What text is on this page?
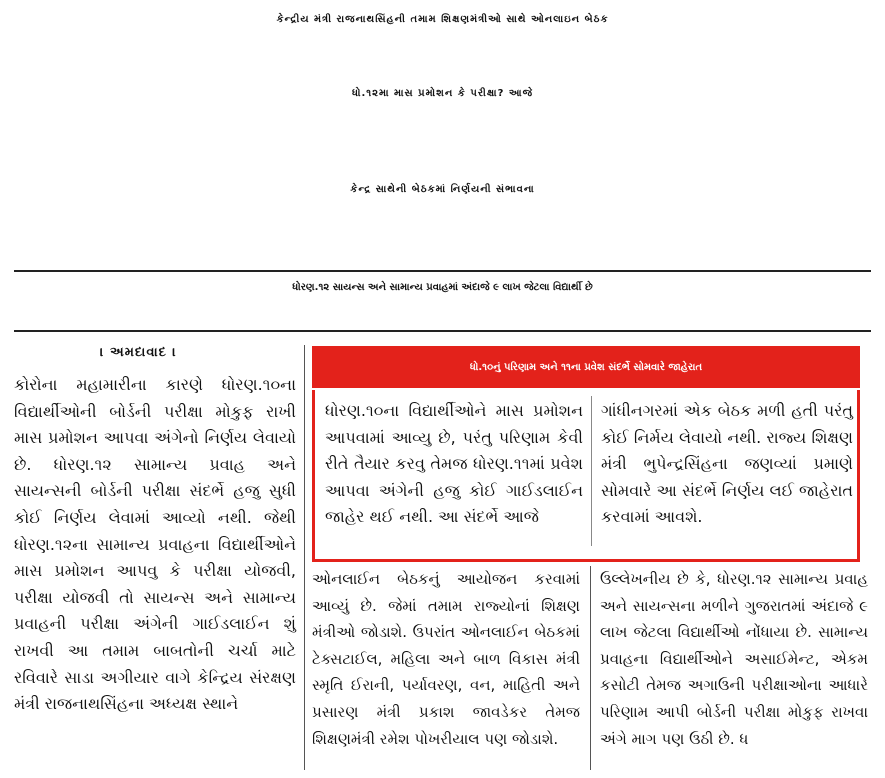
કેન્દ્રીય મંત્રી રાજનાથસિંહની તમામ શિક્ષણમંત્રીઓ સાથે ઓનલાઇન બેઠક
ધો.૧૨મા માસ પ્રમોશન કે પરીક્ષા? આજે
કેન્દ્ર સાથેની બેઠકમાં નિર્ણયની સંભાવના
ધોરણ.૧૨ સાયન્સ અને સામાન્ય પ્રવાહમાં અંદાજે ૯ લાખ જેટલા વિદ્યાર્થી છે
। અમદાવાદ ।

કોરોના મહામારીના કારણે ધોરણ.૧૦ના વિદ્યાર્થીઓની બોર્ડની પરીક્ષા મોકુફ રાખી માસ પ્રમોશન આપવા અંગેનો નિર્ણય લેવાયો છે. ધોરણ.૧૨ સામાન્ય પ્રવાહ અને સાયન્સની બોર્ડની પરીક્ષા સંદર્ભે હજુ સુધી કોઈ નિર્ણય લેવામાં આવ્યો નથી. જેથી ધોરણ.૧૨ના સામાન્ય પ્રવાહના વિદ્યાર્થીઓને માસ પ્રમોશન આપવુ કે પરીક્ષા યોજવી, પરીક્ષા યોજવી તો સાયન્સ અને સામાન્ય પ્રવાહની પરીક્ષા અંગેની ગાઈડલાઈન શું રાખવી આ તમામ બાબતોની ચર્ચા માટે રવિવારે સાડા અગીયાર વાગે કેન્દ્રિય સંરક્ષણ મંત્રી રાજનાથસિંહના અધ્યક્ષ સ્થાને

ધો.૧૦નું પરિણામ અને ૧૧ના પ્રવેશ સંદર્ભે સોમવારે જાહેરાત

ધોરણ.૧૦ના વિદ્યાર્થીઓને માસ પ્રમોશન આપવામાં આવ્યુ છે, પરંતુ પરિણામ કેવી રીતે તૈયાર કરવુ તેમજ ધોરણ.૧૧માં પ્રવેશ આપવા અંગેની હજુ કોઈ ગાઈડલાઈન જાહેર થઈ નથી. આ સંદર્ભે આજે

ગાંધીનગરમાં એક બેઠક મળી હતી પરંતુ કોઈ નિર્મય લેવાયો નથી. રાજ્ય શિક્ષણ મંત્રી ભુપેન્દ્રસિંહના જણવ્યાં પ્રમાણે સોમવારે આ સંદર્ભે નિર્ણય લઈ જાહેરાત કરવામાં આવશે.

ઓનલાઈન બેઠકનું આયોજન કરવામાં આવ્યું છે. જેમાં તમામ રાજ્યોનાં શિક્ષણ મંત્રીઓ જોડાશે. ઉપરાંત ઓનલાઈન બેઠકમાં ટેક્સટાઈલ, મહિલા અને બાળ વિકાસ મંત્રી સ્મૃતિ ઈરાની, પર્યાવરણ, વન, માહિતી અને પ્રસારણ મંત્રી પ્રકાશ જાવડેકર તેમજ શિક્ષણમંત્રી રમેશ પોખરીયાલ પણ જોડાશે.

ઉલ્લેખનીય છે કે, ધોરણ.૧૨ સામાન્ય પ્રવાહ અને સાયન્સના મળીને ગુજરાતમાં અંદાજે ૯ લાખ જેટલા વિદ્યાર્થીઓ નોંધાયા છે. સામાન્ય પ્રવાહના વિદ્યાર્થીઓને અસાઈમેન્ટ, એકમ કસોટી તેમજ અગાઉની પરીક્ષાઓના આધારે પરિણામ આપી બોર્ડની પરીક્ષા મોકુફ રાખવા અંગે માગ પણ ઉઠી છે. ધ
